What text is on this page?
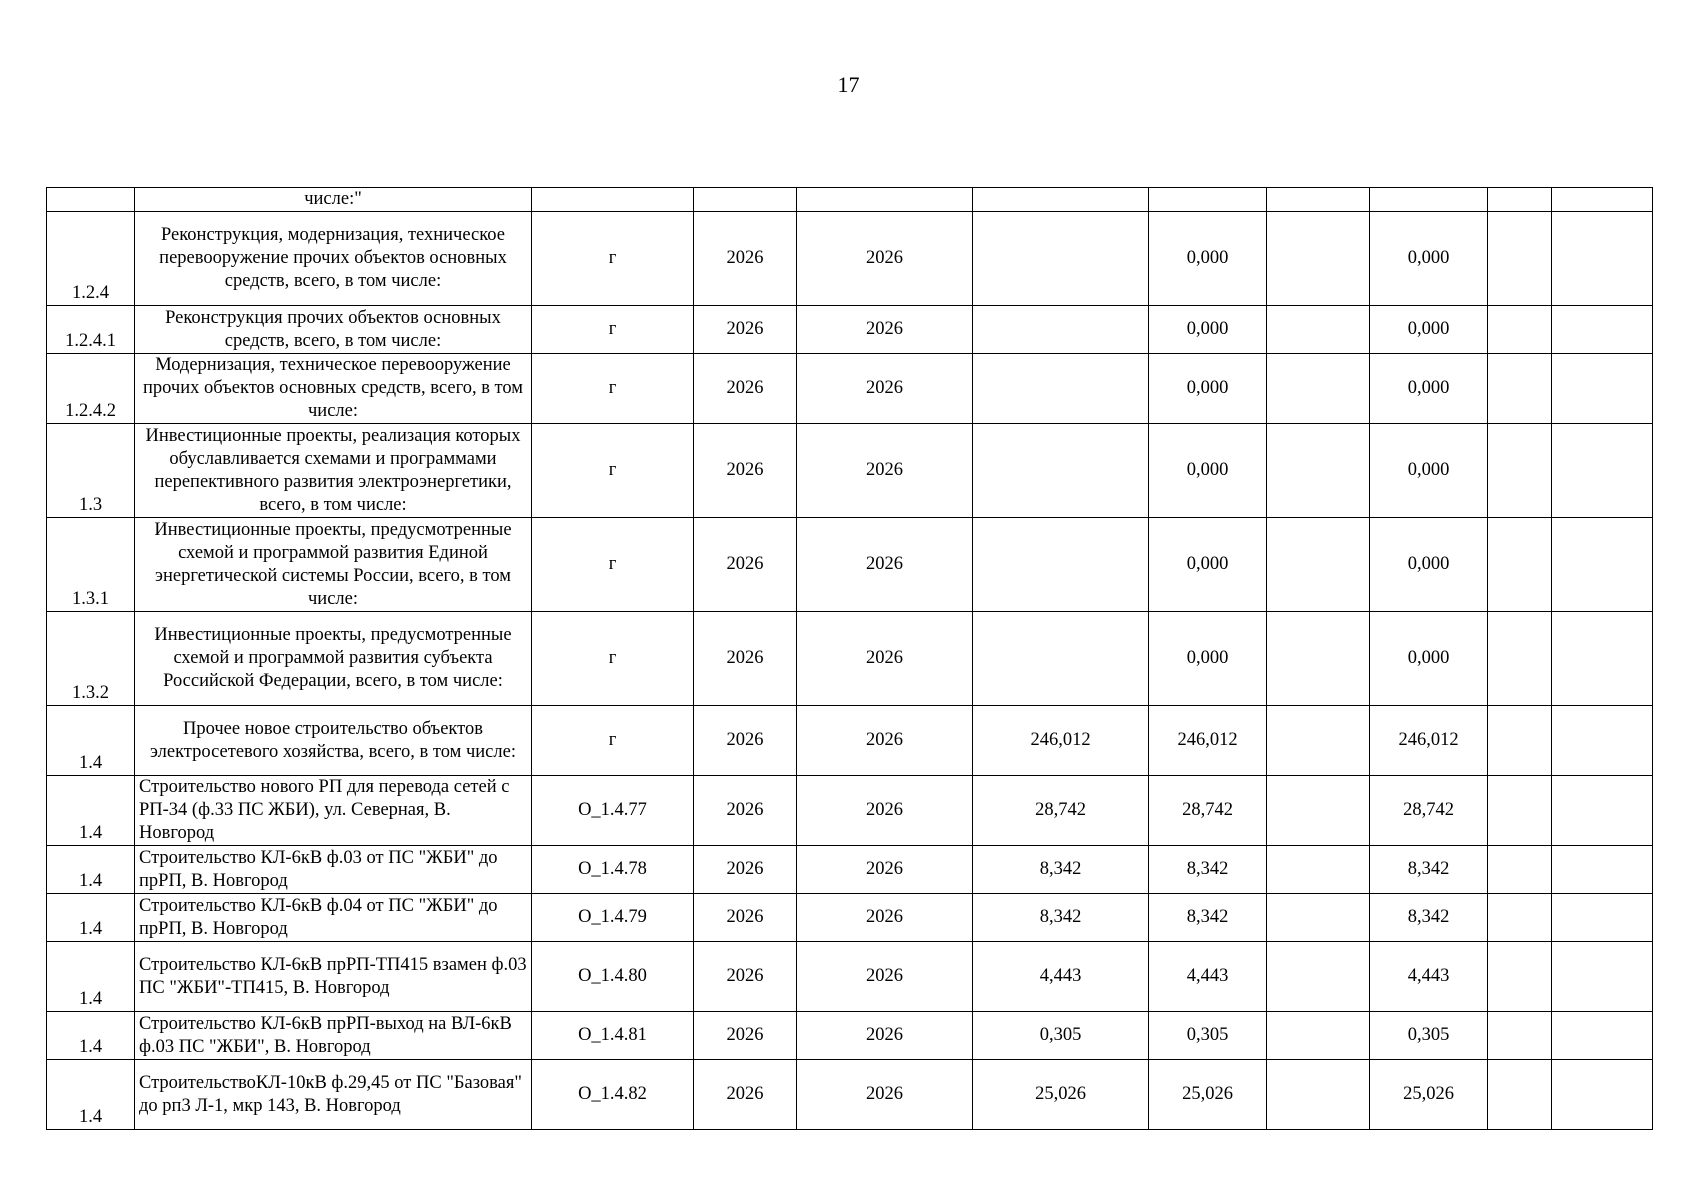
17
	числе:"									
1.2.4	Реконструкция, модернизация, техническое перевооружение прочих объектов основных средств, всего, в том числе:	г	2026	2026		0,000		0,000		
1.2.4.1	Реконструкция прочих объектов основных средств, всего, в том числе:	г	2026	2026		0,000		0,000		
1.2.4.2	Модернизация, техническое перевооружение прочих объектов основных средств, всего, в том числе:	г	2026	2026		0,000		0,000		
1.3	Инвестиционные проекты, реализация которых обуславливается схемами и программами перепективного развития электроэнергетики, всего, в том числе:	г	2026	2026		0,000		0,000		
1.3.1	Инвестиционные проекты, предусмотренные схемой и программой развития Единой энергетической системы России, всего, в том числе:	г	2026	2026		0,000		0,000		
1.3.2	Инвестиционные проекты, предусмотренные схемой и программой развития субъекта Российской Федерации, всего, в том числе:	г	2026	2026		0,000		0,000		
1.4	Прочее новое строительство объектов электросетевого хозяйства, всего, в том числе:	г	2026	2026	246,012	246,012		246,012		
1.4	Строительство нового РП для перевода сетей с РП-34 (ф.33 ПС ЖБИ), ул. Северная, В. Новгород	О_1.4.77	2026	2026	28,742	28,742		28,742		
1.4	Строительство КЛ-6кВ ф.03 от ПС "ЖБИ" до прРП, В. Новгород	О_1.4.78	2026	2026	8,342	8,342		8,342		
1.4	Строительство КЛ-6кВ ф.04 от ПС "ЖБИ" до прРП, В. Новгород	О_1.4.79	2026	2026	8,342	8,342		8,342		
1.4	Строительство КЛ-6кВ прРП-ТП415 взамен ф.03 ПС "ЖБИ"-ТП415, В. Новгород	О_1.4.80	2026	2026	4,443	4,443		4,443		
1.4	Строительство КЛ-6кВ прРП-выход на ВЛ-6кВ ф.03 ПС "ЖБИ", В. Новгород	О_1.4.81	2026	2026	0,305	0,305		0,305		
1.4	СтроительствоКЛ-10кВ ф.29,45 от ПС "Базовая" до рп3 Л-1, мкр 143, В. Новгород	О_1.4.82	2026	2026	25,026	25,026		25,026		
